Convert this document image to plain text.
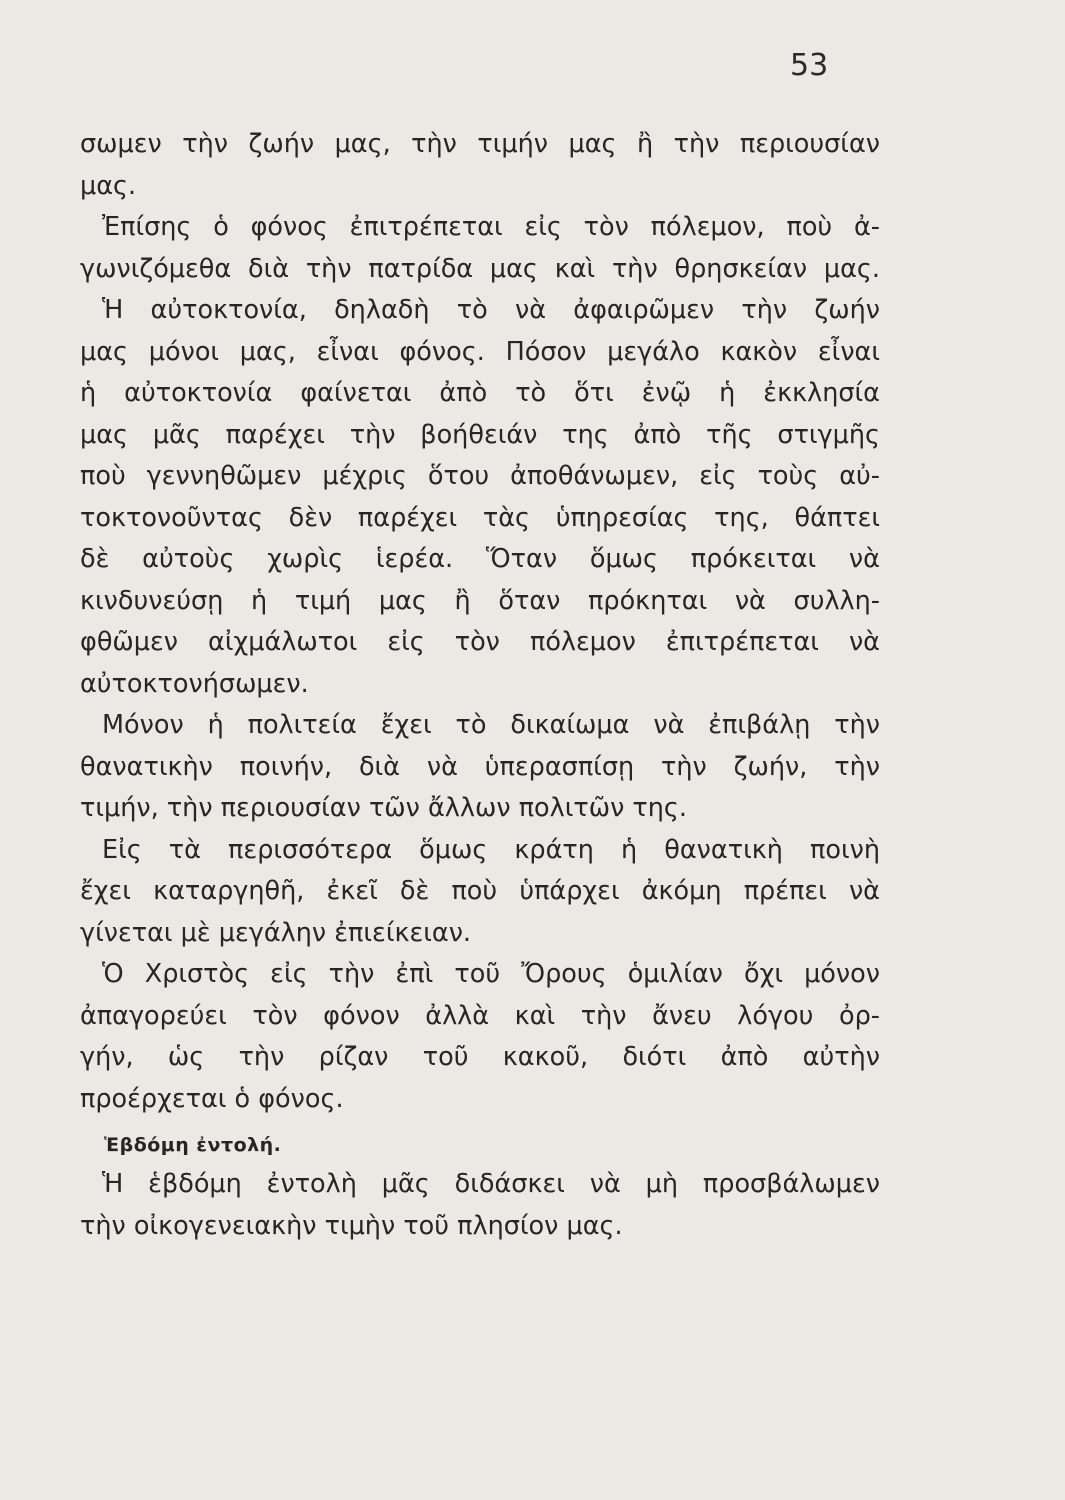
53
σωμεν τὴν ζωήν μας, τὴν τιμήν μας ἢ τὴν περιουσίαν
μας.
Ἐπίσης ὁ φόνος ἐπιτρέπεται εἰς τὸν πόλεμον, ποὺ ἀ-
γωνιζόμεθα διὰ τὴν πατρίδα μας καὶ τὴν θρησκείαν μας.
Ἡ αὐτοκτονία, δηλαδὴ τὸ νὰ ἀφαιρῶμεν τὴν ζωήν
μας μόνοι μας, εἶναι φόνος. Πόσον μεγάλο κακὸν εἶναι
ἡ αὐτοκτονία φαίνεται ἀπὸ τὸ ὅτι ἐνῷ ἡ ἐκκλησία
μας μᾶς παρέχει τὴν βοήθειάν της ἀπὸ τῆς στιγμῆς
ποὺ γεννηθῶμεν μέχρις ὅτου ἀποθάνωμεν, εἰς τοὺς αὐ-
τοκτονοῦντας δὲν παρέχει τὰς ὑπηρεσίας της, θάπτει
δὲ αὐτοὺς χωρὶς ἱερέα. Ὅταν ὅμως πρόκειται νὰ
κινδυνεύσῃ ἡ τιμή μας ἢ ὅταν πρόκηται νὰ συλλη-
φθῶμεν αἰχμάλωτοι εἰς τὸν πόλεμον ἐπιτρέπεται νὰ
αὐτοκτονήσωμεν.
Μόνον ἡ πολιτεία ἔχει τὸ δικαίωμα νὰ ἐπιβάλῃ τὴν
θανατικὴν ποινήν, διὰ νὰ ὑπερασπίσῃ τὴν ζωήν, τὴν
τιμήν, τὴν περιουσίαν τῶν ἄλλων πολιτῶν της.
Εἰς τὰ περισσότερα ὅμως κράτη ἡ θανατικὴ ποινὴ
ἔχει καταργηθῆ, ἐκεῖ δὲ ποὺ ὑπάρχει ἀκόμη πρέπει νὰ
γίνεται μὲ μεγάλην ἐπιείκειαν.
Ὁ Χριστὸς εἰς τὴν ἐπὶ τοῦ Ὄρους ὁμιλίαν ὄχι μόνον
ἀπαγορεύει τὸν φόνον ἀλλὰ καὶ τὴν ἄνευ λόγου ὀρ-
γήν, ὡς τὴν ρίζαν τοῦ κακοῦ, διότι ἀπὸ αὐτὴν
προέρχεται ὁ φόνος.
Ἑβδόμη ἐντολή.
Ἡ ἑβδόμη ἐντολὴ μᾶς διδάσκει νὰ μὴ προσβάλωμεν
τὴν οἰκογενειακὴν τιμὴν τοῦ πλησίον μας.
